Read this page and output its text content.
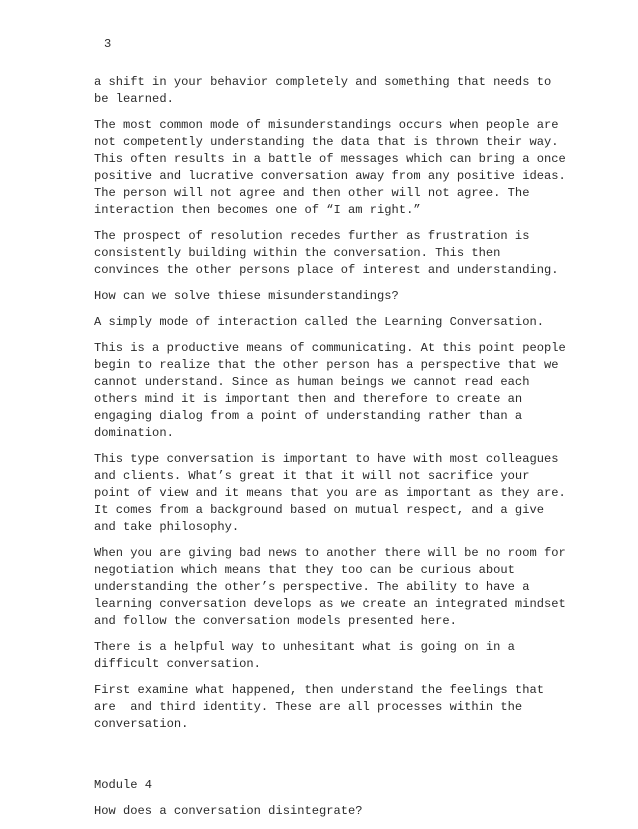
3

a shift in your behavior completely and something that needs to
be learned.

The most common mode of misunderstandings occurs when people are
not competently understanding the data that is thrown their way.
This often results in a battle of messages which can bring a once
positive and lucrative conversation away from any positive ideas.
The person will not agree and then other will not agree. The
interaction then becomes one of “I am right.”

The prospect of resolution recedes further as frustration is
consistently building within the conversation. This then
convinces the other persons place of interest and understanding.

How can we solve thiese misunderstandings?

A simply mode of interaction called the Learning Conversation.

This is a productive means of communicating. At this point people
begin to realize that the other person has a perspective that we
cannot understand. Since as human beings we cannot read each
others mind it is important then and therefore to create an
engaging dialog from a point of understanding rather than a
domination.

This type conversation is important to have with most colleagues
and clients. What’s great it that it will not sacrifice your
point of view and it means that you are as important as they are.
It comes from a background based on mutual respect, and a give
and take philosophy.

When you are giving bad news to another there will be no room for
negotiation which means that they too can be curious about
understanding the other’s perspective. The ability to have a
learning conversation develops as we create an integrated mindset
and follow the conversation models presented here.

There is a helpful way to unhesitant what is going on in a
difficult conversation.

First examine what happened, then understand the feelings that
are  and third identity. These are all processes within the
conversation.

Module 4

How does a conversation disintegrate?
